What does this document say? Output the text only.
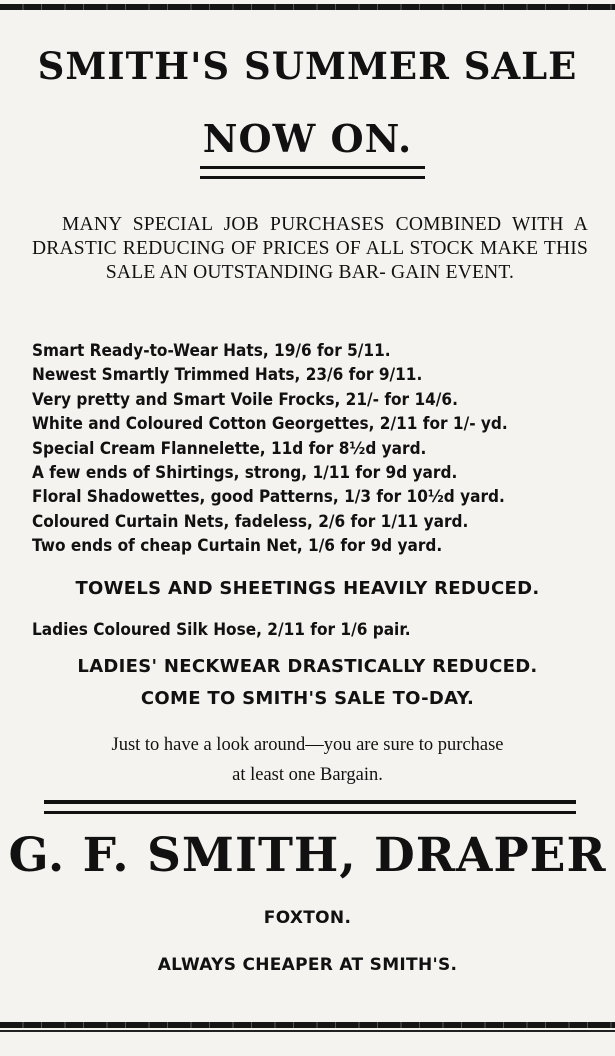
SMITH'S SUMMER SALE
NOW ON.

MANY SPECIAL JOB PURCHASES COMBINED WITH A DRASTIC REDUCING OF PRICES OF ALL STOCK MAKE THIS SALE AN OUTSTANDING BAR- GAIN EVENT.

Smart Ready-to-Wear Hats, 19/6 for 5/11.
Newest Smartly Trimmed Hats, 23/6 for 9/11.
Very pretty and Smart Voile Frocks, 21/- for 14/6.
White and Coloured Cotton Georgettes, 2/11 for 1/- yd.
Special Cream Flannelette, 11d for 8½d yard.
A few ends of Shirtings, strong, 1/11 for 9d yard.
Floral Shadowettes, good Patterns, 1/3 for 10½d yard.
Coloured Curtain Nets, fadeless, 2/6 for 1/11 yard.
Two ends of cheap Curtain Net, 1/6 for 9d yard.

TOWELS AND SHEETINGS HEAVILY REDUCED.

Ladies Coloured Silk Hose, 2/11 for 1/6 pair.

LADIES' NECKWEAR DRASTICALLY REDUCED.

COME TO SMITH'S SALE TO-DAY.

Just to have a look around—you are sure to purchase
at least one Bargain.

G. F. SMITH, DRAPER

FOXTON.

ALWAYS CHEAPER AT SMITH'S.
